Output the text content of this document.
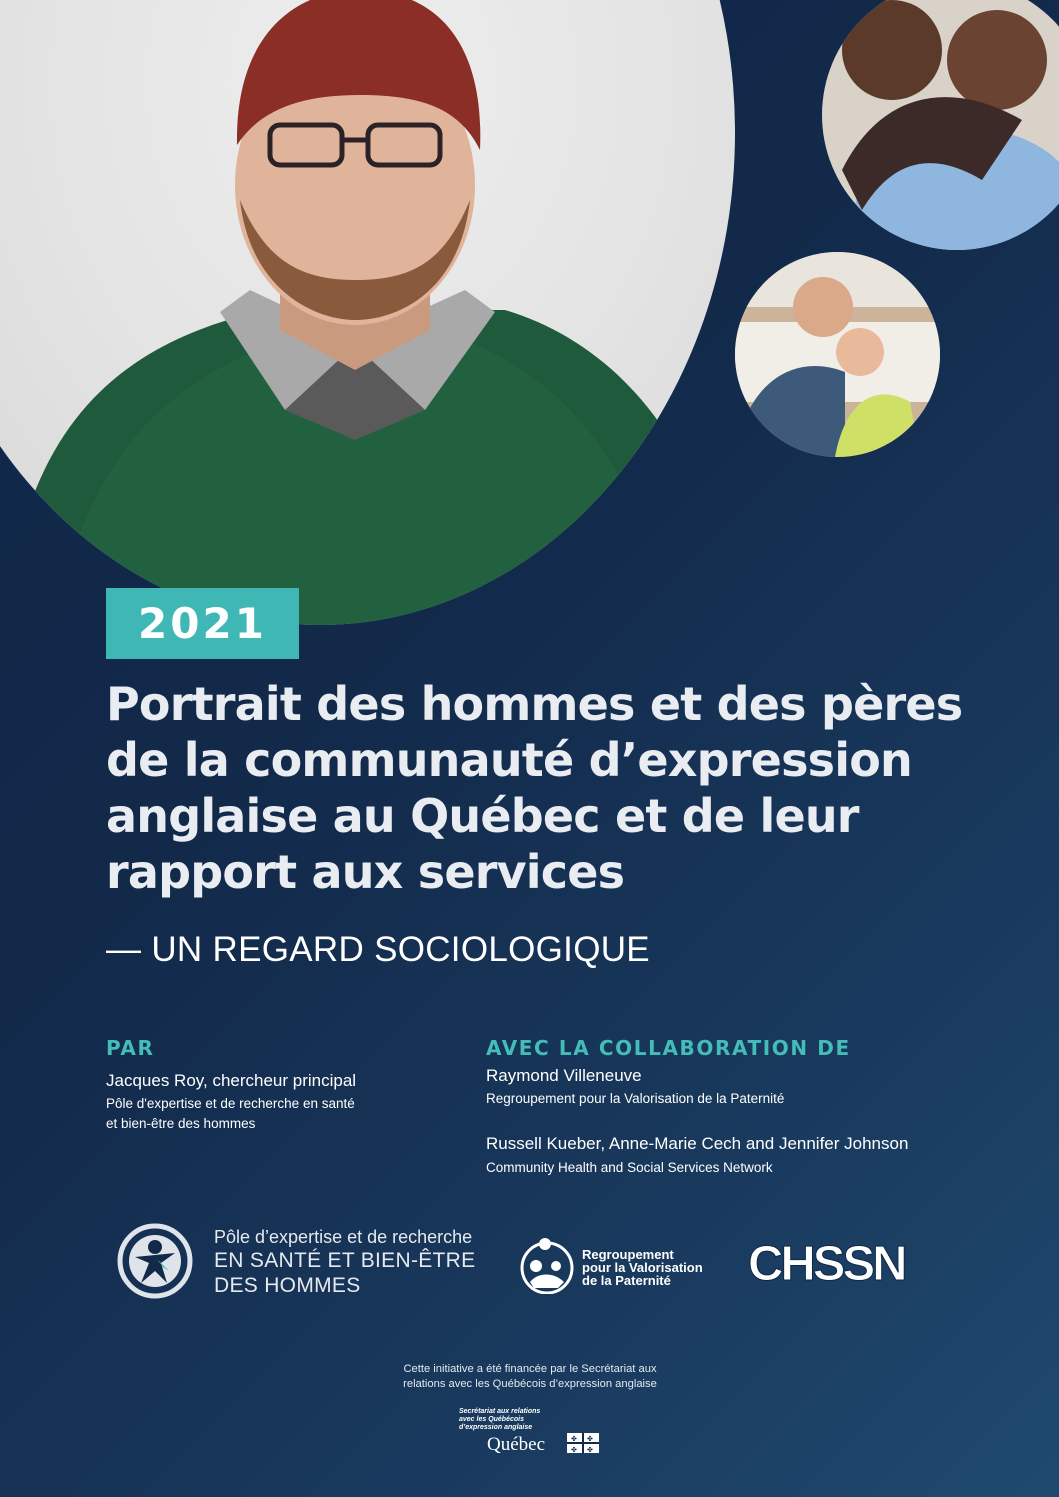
2021
Portrait des hommes et des pères
de la communauté d’expression
anglaise au Québec et de leur
rapport aux services

— UN REGARD SOCIOLOGIQUE

PAR
Jacques Roy, chercheur principal
Pôle d'expertise et de recherche en santé
et bien-être des hommes
AVEC LA COLLABORATION DE
Raymond Villeneuve
Regroupement pour la Valorisation de la Paternité
Russell Kueber, Anne-Marie Cech and Jennifer Johnson
Community Health and Social Services Network
Pôle d’expertise et de recherche
EN SANTÉ ET BIEN-ÊTRE
DES HOMMES
Regroupement
pour la Valorisation
de la Paternité	CHSSN
Cette initiative a été financée par le Secrétariat aux
relations avec les Québécois d’expression anglaise
Secrétariat aux relations
avec les Québécois
d’expression anglaise
Québec	✤ ✤
✤ ✤
